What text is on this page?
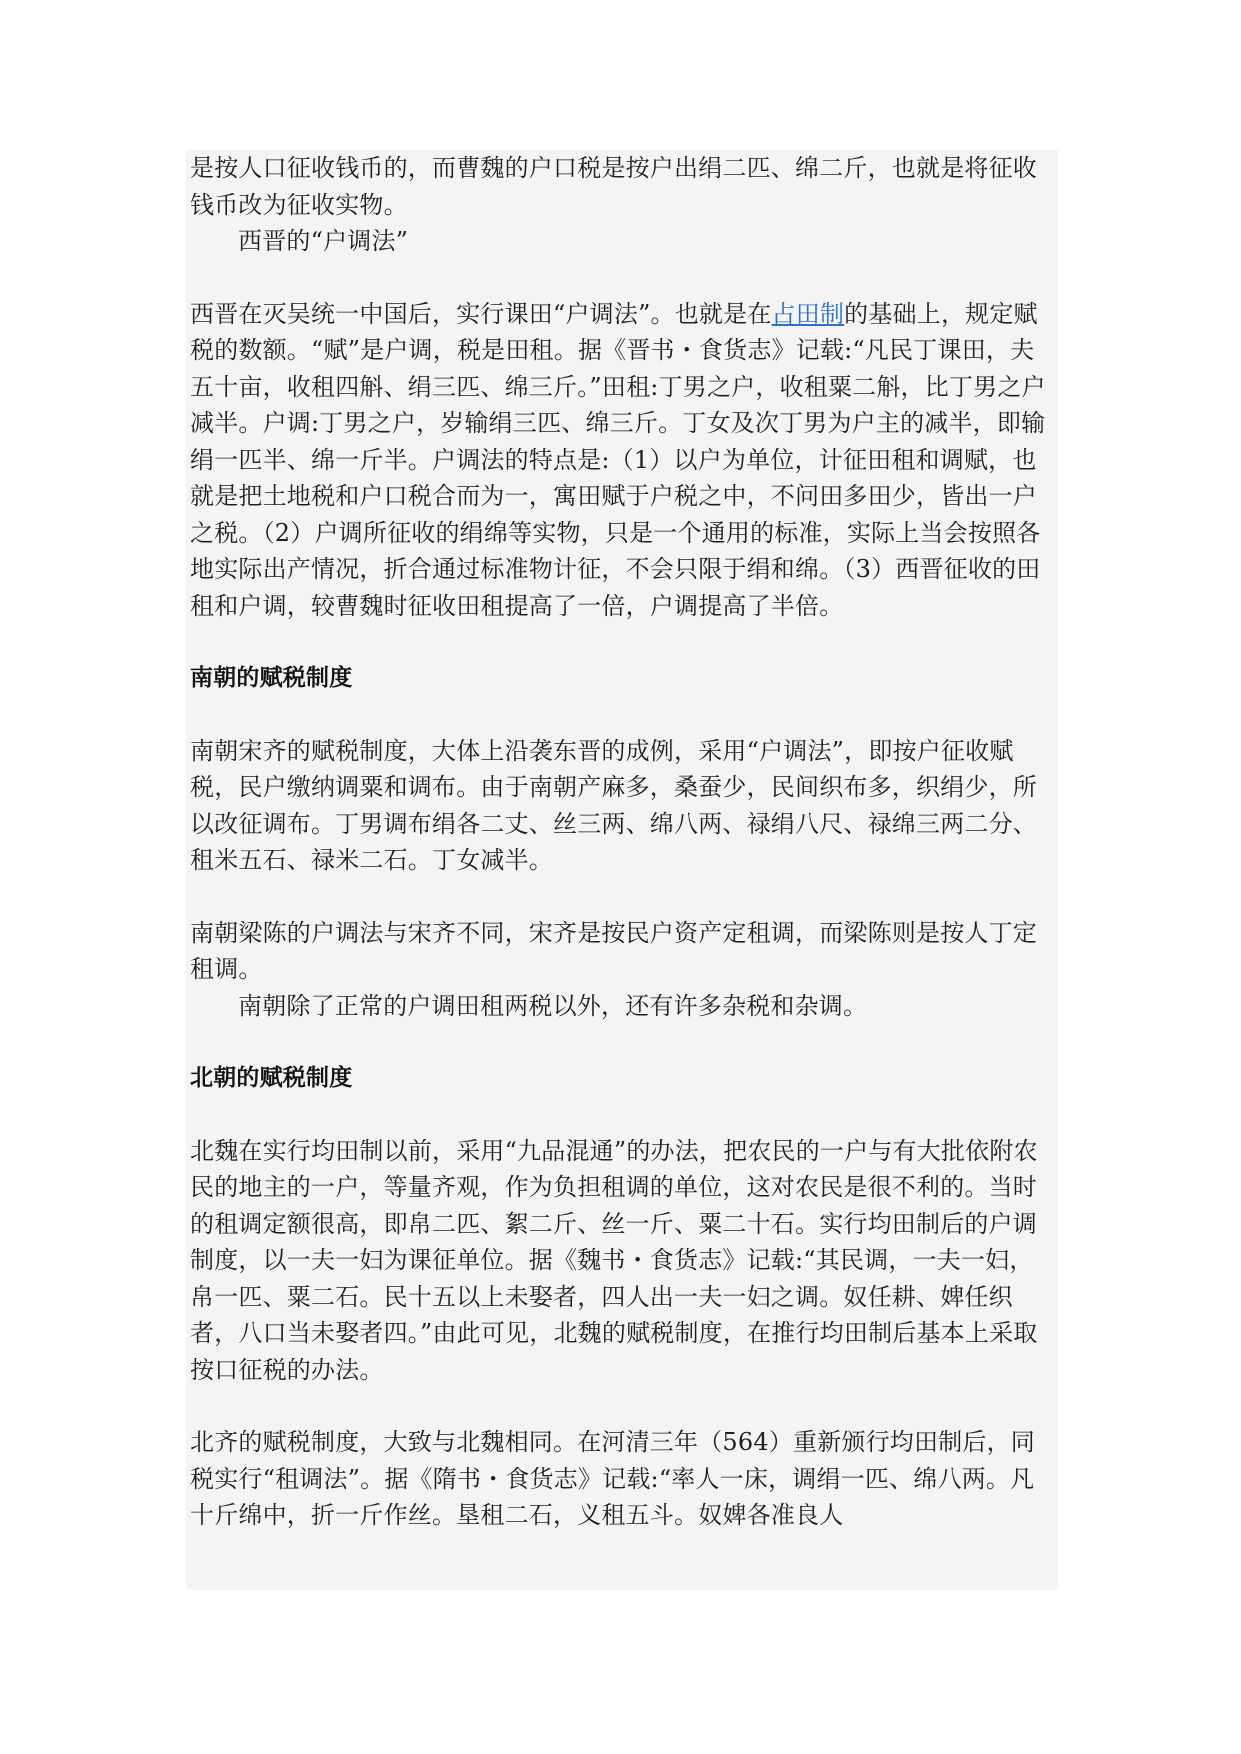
是按人口征收钱币的，而曹魏的户口税是按户出绢二匹、绵二斤，也就是将征收钱币改为征收实物。

西晋的“户调法”

西晋在灭吴统一中国后，实行课田“户调法”。也就是在占田制的基础上，规定赋税的数额。“赋”是户调，税是田租。据《晋书・食货志》记载:“凡民丁课田，夫五十亩，收租四斛、绢三匹、绵三斤。”田租:丁男之户，收租粟二斛，比丁男之户减半。户调:丁男之户，岁输绢三匹、绵三斤。丁女及次丁男为户主的减半，即输绢一匹半、绵一斤半。户调法的特点是:（1）以户为单位，计征田租和调赋，也就是把土地税和户口税合而为一，寓田赋于户税之中，不问田多田少，皆出一户之税。（2）户调所征收的绢绵等实物，只是一个通用的标准，实际上当会按照各地实际出产情况，折合通过标准物计征，不会只限于绢和绵。（3）西晋征收的田租和户调，较曹魏时征收田租提高了一倍，户调提高了半倍。

南朝的赋税制度

南朝宋齐的赋税制度，大体上沿袭东晋的成例，采用“户调法”，即按户征收赋税，民户缴纳调粟和调布。由于南朝产麻多，桑蚕少，民间织布多，织绢少，所以改征调布。丁男调布绢各二丈、丝三两、绵八两、禄绢八尺、禄绵三两二分、租米五石、禄米二石。丁女减半。

南朝梁陈的户调法与宋齐不同，宋齐是按民户资产定租调，而梁陈则是按人丁定租调。

南朝除了正常的户调田租两税以外，还有许多杂税和杂调。

北朝的赋税制度

北魏在实行均田制以前，采用“九品混通”的办法，把农民的一户与有大批依附农民的地主的一户，等量齐观，作为负担租调的单位，这对农民是很不利的。当时的租调定额很高，即帛二匹、絮二斤、丝一斤、粟二十石。实行均田制后的户调制度，以一夫一妇为课征单位。据《魏书・食货志》记载:“其民调，一夫一妇，帛一匹、粟二石。民十五以上未娶者，四人出一夫一妇之调。奴任耕、婢任织者，八口当未娶者四。”由此可见，北魏的赋税制度，在推行均田制后基本上采取按口征税的办法。

北齐的赋税制度，大致与北魏相同。在河清三年（564）重新颁行均田制后，同税实行“租调法”。据《隋书・食货志》记载:“率人一床，调绢一匹、绵八两。凡十斤绵中，折一斤作丝。垦租二石，义租五斗。奴婢各准良人
